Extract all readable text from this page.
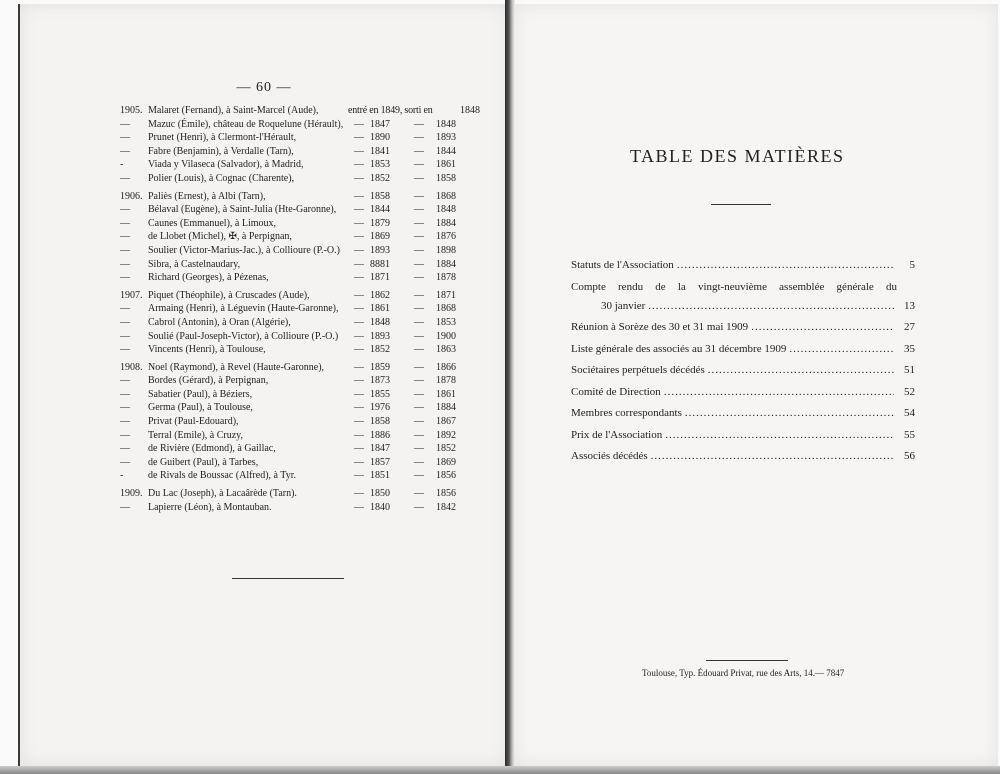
— 60 —
1905. Malaret (Fernand), à Saint-Marcel (Aude),	entré en 1849, sorti en	1848
—	Mazuc (Émile), château de Roquelune (Hérault), — 1847 — 1848
—	Prunet (Henri), à Clermont-l'Hérault,	— 1890 — 1893
—	Fabre (Benjamin), à Verdalle (Tarn),	— 1841 — 1844
-	Viada y Vilaseca (Salvador), à Madrid,	— 1853 — 1861
—	Polier (Louis), à Cognac (Charente),	— 1852 — 1858
1906. Paliès (Ernest), à Albi (Tarn),	— 1858 — 1868
—	Bélaval (Eugène), à Saint-Julia (Hte-Garonne), — 1844 — 1848
—	Caunes (Emmanuel), à Limoux,	— 1879 — 1884
—	de Llobet (Michel), ✠, à Perpignan,	— 1869 — 1876
—	Soulier (Victor-Marius-Jac.), à Collioure (P.-O.) — 1893 — 1898
—	Sibra, à Castelnaudary,	— 8881 — 1884
—	Richard (Georges), à Pézenas,	— 1871 — 1878
1907. Piquet (Théophile), à Cruscades (Aude),	— 1862 — 1871
—	Armaing (Henri), à Léguevin (Haute-Garonne), — 1861 — 1868
—	Cabrol (Antonin), à Oran (Algérie),	— 1848 — 1853
—	Soulié (Paul-Joseph-Victor), à Collioure (P.-O.) — 1893 — 1900
—	Vincents (Henri), à Toulouse,	— 1852 — 1863
1908. Noel (Raymond), à Revel (Haute-Garonne),	— 1859 — 1866
—	Bordes (Gérard), à Perpignan,	— 1873 — 1878
—	Sabatier (Paul), à Béziers,	— 1855 — 1861
—	Germa (Paul), à Toulouse,	— 1976 — 1884
—	Privat (Paul-Edouard),	— 1858 — 1867
—	Terral (Emile), à Cruzy,	— 1886 — 1892
—	de Rivière (Edmond), à Gaillac,	— 1847 — 1852
—	de Guibert (Paul), à Tarbes,	— 1857 — 1869
-	de Rivals de Boussac (Alfred), à Tyr.	— 1851 — 1856
1909. Du Lac (Joseph), à Lacaârède (Tarn).	— 1850 — 1856
—	Lapierre (Léon), à Montauban.	— 1840 — 1842
TABLE DES MATIÈRES
Statuts de l'Association .....	5
Compte rendu de la vingt-neuvième assemblée générale du
30 janvier .....	13
Réunion à Sorèze des 30 et 31 mai 1909 .....	27
Liste générale des associés au 31 décembre 1909 .....	35
Sociétaires perpétuels décédés .....	51
Comité de Direction .....	52
Membres correspondants .....	54
Prix de l'Association .....	55
Associés décédés .....	56
Toulouse, Typ. Édouard Privat, rue des Arts, 14.— 7847
